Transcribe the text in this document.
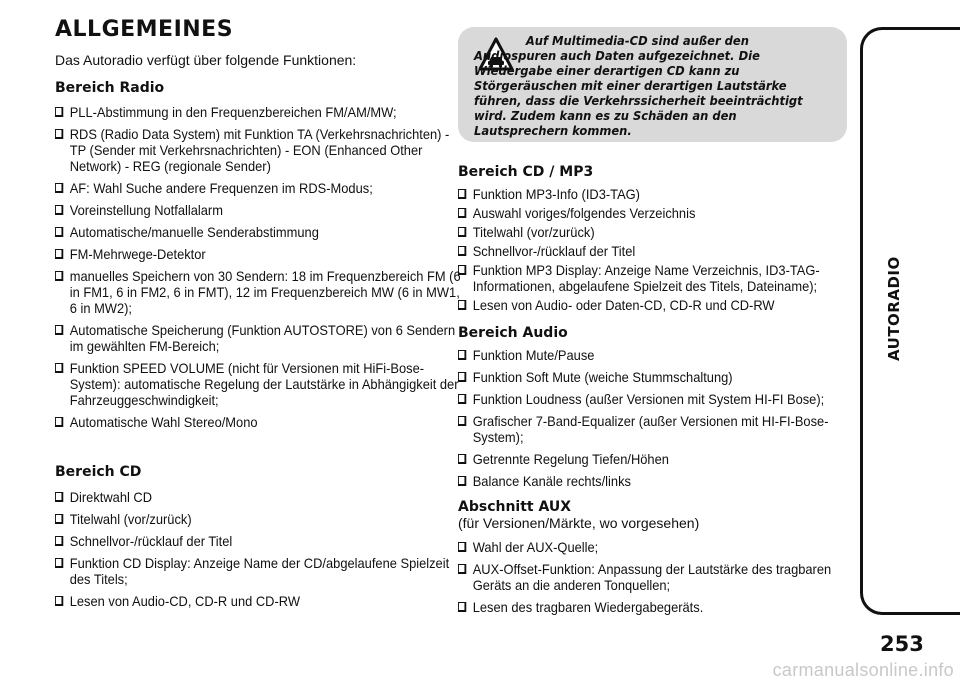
ALLGEMEINES
Das Autoradio verfügt über folgende Funktionen:
Bereich Radio
PLL-Abstimmung in den Frequenzbereichen FM/AM/MW;
RDS (Radio Data System) mit Funktion TA (Verkehrsnachrichten) - TP (Sender mit Verkehrsnachrichten) - EON (Enhanced Other Network) - REG (regionale Sender)
AF: Wahl Suche andere Frequenzen im RDS-Modus;
Voreinstellung Notfallalarm
Automatische/manuelle Senderabstimmung
FM-Mehrwege-Detektor
manuelles Speichern von 30 Sendern: 18 im Frequenzbereich FM (6 in FM1, 6 in FM2, 6 in FMT), 12 im Frequenzbereich MW (6 in MW1, 6 in MW2);
Automatische Speicherung (Funktion AUTOSTORE) von 6 Sendern im gewählten FM-Bereich;
Funktion SPEED VOLUME (nicht für Versionen mit HiFi-Bose-System): automatische Regelung der Lautstärke in Abhängigkeit der Fahrzeuggeschwindigkeit;
Automatische Wahl Stereo/Mono
Bereich CD
Direktwahl CD
Titelwahl (vor/zurück)
Schnellvor-/rücklauf der Titel
Funktion CD Display: Anzeige Name der CD/abgelaufene Spielzeit des Titels;
Lesen von Audio-CD, CD-R und CD-RW
Auf Multimedia-CD sind außer den Audiospuren auch Daten aufgezeichnet. Die Wiedergabe einer derartigen CD kann zu Störgeräuschen mit einer derartigen Lautstärke führen, dass die Verkehrssicherheit beeinträchtigt wird. Zudem kann es zu Schäden an den Lautsprechern kommen.
Bereich CD / MP3
Funktion MP3-Info (ID3-TAG)
Auswahl voriges/folgendes Verzeichnis
Titelwahl (vor/zurück)
Schnellvor-/rücklauf der Titel
Funktion MP3 Display: Anzeige Name Verzeichnis, ID3-TAG-Informationen, abgelaufene Spielzeit des Titels, Dateiname);
Lesen von Audio- oder Daten-CD, CD-R und CD-RW
Bereich Audio
Funktion Mute/Pause
Funktion Soft Mute (weiche Stummschaltung)
Funktion Loudness (außer Versionen mit System HI-FI Bose);
Grafischer 7-Band-Equalizer (außer Versionen mit HI-FI-Bose-System);
Getrennte Regelung Tiefen/Höhen
Balance Kanäle rechts/links
Abschnitt AUX
(für Versionen/Märkte, wo vorgesehen)
Wahl der AUX-Quelle;
AUX-Offset-Funktion: Anpassung der Lautstärke des tragbaren Geräts an die anderen Tonquellen;
Lesen des tragbaren Wiedergabegeräts.
253
carmanualsonline.info
